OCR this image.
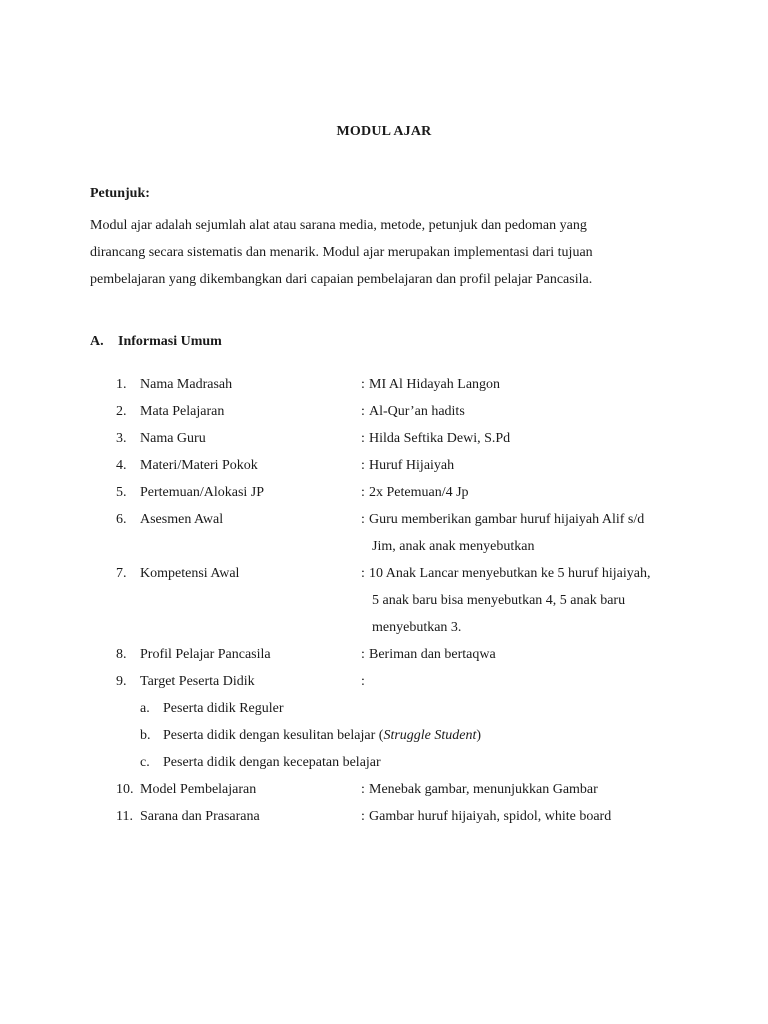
MODUL AJAR
Petunjuk:
Modul ajar adalah sejumlah alat atau sarana media, metode, petunjuk dan pedoman yang
dirancang secara sistematis dan menarik. Modul ajar merupakan implementasi dari tujuan
pembelajaran yang dikembangkan dari capaian pembelajaran dan profil pelajar Pancasila.
A. Informasi Umum
1. Nama Madrasah	: MI Al Hidayah Langon
2. Mata Pelajaran	: Al-Qur’an hadits
3. Nama Guru	: Hilda Seftika Dewi, S.Pd
4. Materi/Materi Pokok	: Huruf Hijaiyah
5. Pertemuan/Alokasi JP	: 2x Petemuan/4 Jp
6. Asesmen Awal	: Guru memberikan gambar huruf hijaiyah Alif s/d
Jim, anak anak menyebutkan
7. Kompetensi Awal	: 10 Anak Lancar menyebutkan ke 5 huruf hijaiyah,
5 anak baru bisa menyebutkan 4, 5 anak baru
menyebutkan 3.
8. Profil Pelajar Pancasila	: Beriman dan bertaqwa
9. Target Peserta Didik	:
a. Peserta didik Reguler
b. Peserta didik dengan kesulitan belajar (Struggle Student)
c. Peserta didik dengan kecepatan belajar
10. Model Pembelajaran	: Menebak gambar, menunjukkan Gambar
11. Sarana dan Prasarana	: Gambar huruf hijaiyah, spidol, white board
